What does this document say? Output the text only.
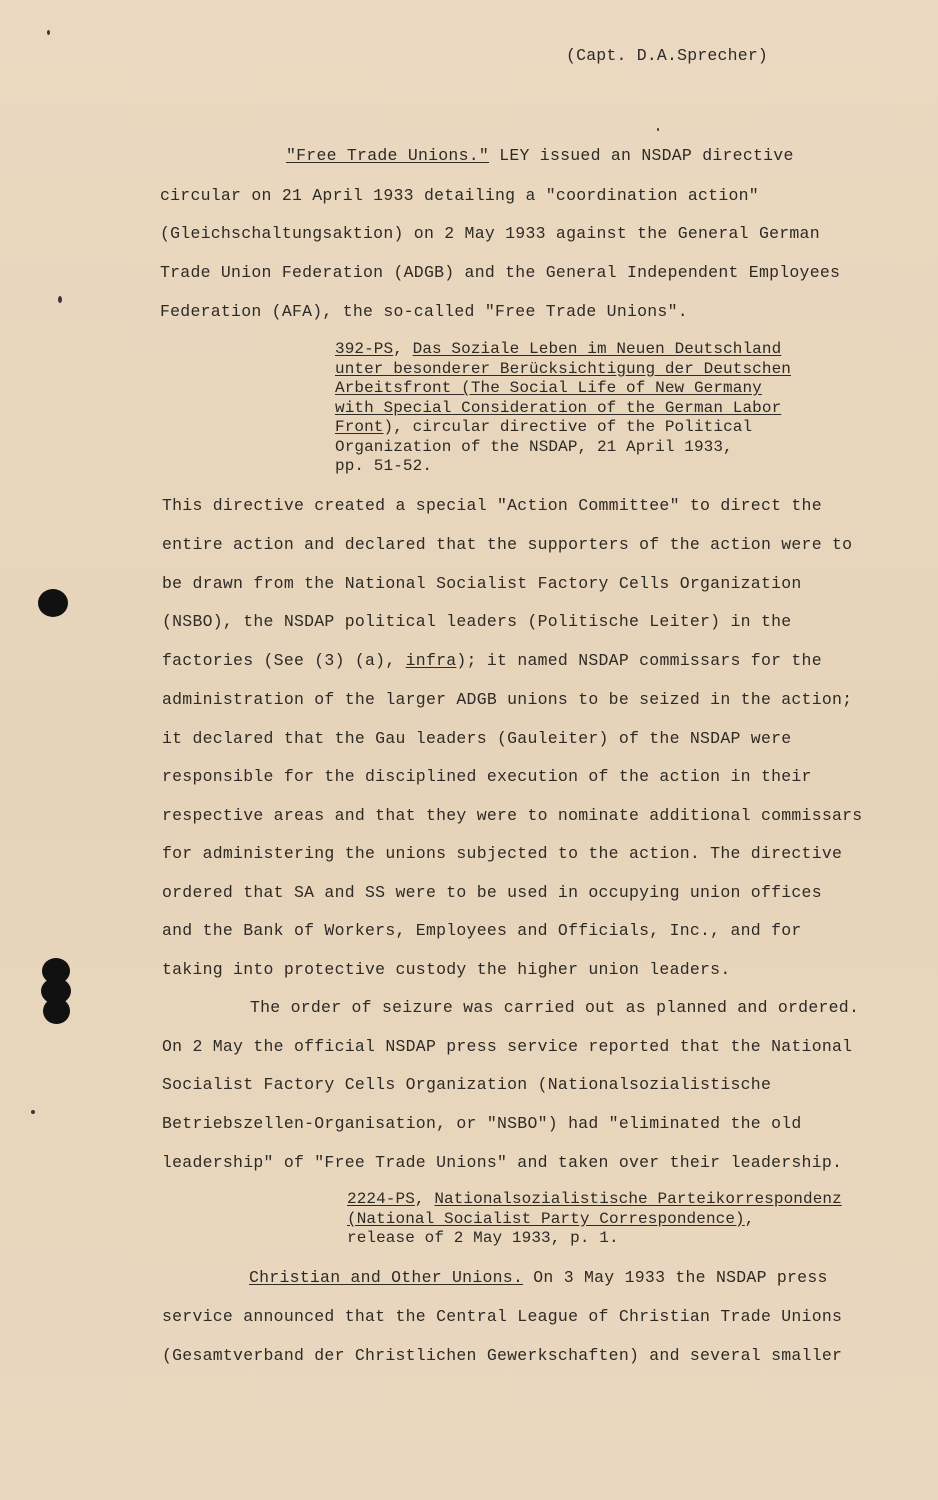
(Capt. D.A.Sprecher)
"Free Trade Unions." LEY issued an NSDAP directive
circular on 21 April 1933 detailing a "coordination action"
(Gleichschaltungsaktion) on 2 May 1933 against the General German
Trade Union Federation (ADGB) and the General Independent Employees
Federation (AFA), the so-called "Free Trade Unions".
392-PS, Das Soziale Leben im Neuen Deutschland
unter besonderer Berücksichtigung der Deutschen
Arbeitsfront (The Social Life of New Germany
with Special Consideration of the German Labor
Front), circular directive of the Political
Organization of the NSDAP, 21 April 1933,
pp. 51-52.
This directive created a special "Action Committee" to direct the
entire action and declared that the supporters of the action were to
be drawn from the National Socialist Factory Cells Organization
(NSBO), the NSDAP political leaders (Politische Leiter) in the
factories (See (3) (a), infra); it named NSDAP commissars for the
administration of the larger ADGB unions to be seized in the action;
it declared that the Gau leaders (Gauleiter) of the NSDAP were
responsible for the disciplined execution of the action in their
respective areas and that they were to nominate additional commissars
for administering the unions subjected to the action. The directive
ordered that SA and SS were to be used in occupying union offices
and the Bank of Workers, Employees and Officials, Inc., and for
taking into protective custody the higher union leaders.
The order of seizure was carried out as planned and ordered.
On 2 May the official NSDAP press service reported that the National
Socialist Factory Cells Organization (Nationalsozialistische
Betriebszellen-Organisation, or "NSBO") had "eliminated the old
leadership" of "Free Trade Unions" and taken over their leadership.
2224-PS, Nationalsozialistische Parteikorrespondenz
(National Socialist Party Correspondence),
release of 2 May 1933, p. 1.
Christian and Other Unions. On 3 May 1933 the NSDAP press
service announced that the Central League of Christian Trade Unions
(Gesamtverband der Christlichen Gewerkschaften) and several smaller
